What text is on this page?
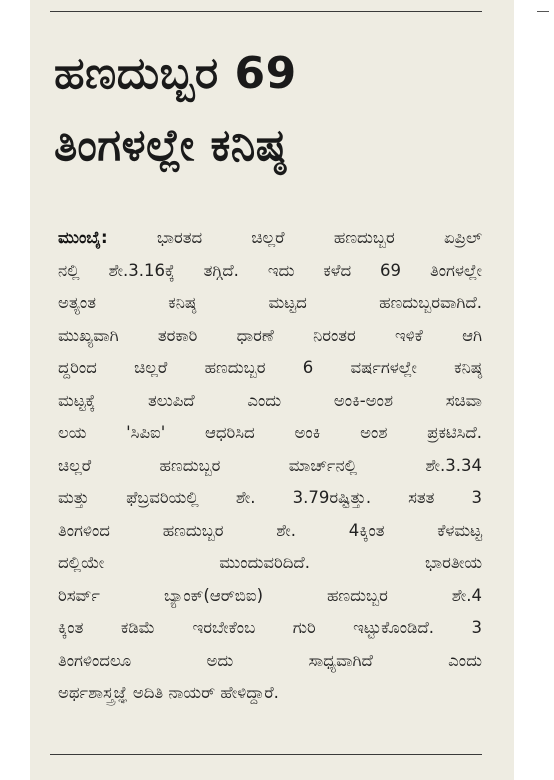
ಹಣದುಬ್ಬರ 69
ತಿಂಗಳಲ್ಲೇ ಕನಿಷ್ಠ
ಮುಂಬೈ: ಭಾರತದ ಚಿಲ್ಲರೆ ಹಣದುಬ್ಬರ ಏಪ್ರಿಲ್
ನಲ್ಲಿ ಶೇ.3.16ಕ್ಕೆ ತಗ್ಗಿದೆ. ಇದು ಕಳೆದ 69 ತಿಂಗಳಲ್ಲೇ
ಅತ್ಯಂತ ಕನಿಷ್ಠ ಮಟ್ಟದ ಹಣದುಬ್ಬರವಾಗಿದೆ.
ಮುಖ್ಯವಾಗಿ ತರಕಾರಿ ಧಾರಣೆ ನಿರಂತರ ಇಳಿಕೆ ಆಗಿ
ದ್ದರಿಂದ ಚಿಲ್ಲರೆ ಹಣದುಬ್ಬರ 6 ವರ್ಷಗಳಲ್ಲೇ ಕನಿಷ್ಠ
ಮಟ್ಟಕ್ಕೆ ತಲುಪಿದೆ ಎಂದು ಅಂಕಿ-ಅಂಶ ಸಚಿವಾ
ಲಯ 'ಸಿಪಿಐ' ಆಧರಿಸಿದ ಅಂಕಿ ಅಂಶ ಪ್ರಕಟಿಸಿದೆ.
ಚಿಲ್ಲರೆ ಹಣದುಬ್ಬರ ಮಾರ್ಚ್‌ನಲ್ಲಿ ಶೇ.3.34
ಮತ್ತು ಫೆಬ್ರವರಿಯಲ್ಲಿ ಶೇ. 3.79ರಷ್ಟಿತ್ತು. ಸತತ 3
ತಿಂಗಳಿಂದ ಹಣದುಬ್ಬರ ಶೇ. 4ಕ್ಕಿಂತ ಕೆಳಮಟ್ಟ
ದಲ್ಲಿಯೇ ಮುಂದುವರಿದಿದೆ. ಭಾರತೀಯ
ರಿಸರ್ವ್ ಬ್ಯಾಂಕ್(ಆರ್‌ಬಿಐ) ಹಣದುಬ್ಬರ ಶೇ.4
ಕ್ಕಿಂತ ಕಡಿಮೆ ಇರಬೇಕೆಂಬ ಗುರಿ ಇಟ್ಟುಕೊಂಡಿದೆ. 3
ತಿಂಗಳಿಂದಲೂ ಅದು ಸಾಧ್ಯವಾಗಿದೆ ಎಂದು
ಅರ್ಥಶಾಸ್ತ್ರಜ್ಞೆ ಅದಿತಿ ನಾಯರ್ ಹೇಳಿದ್ದಾರೆ.
